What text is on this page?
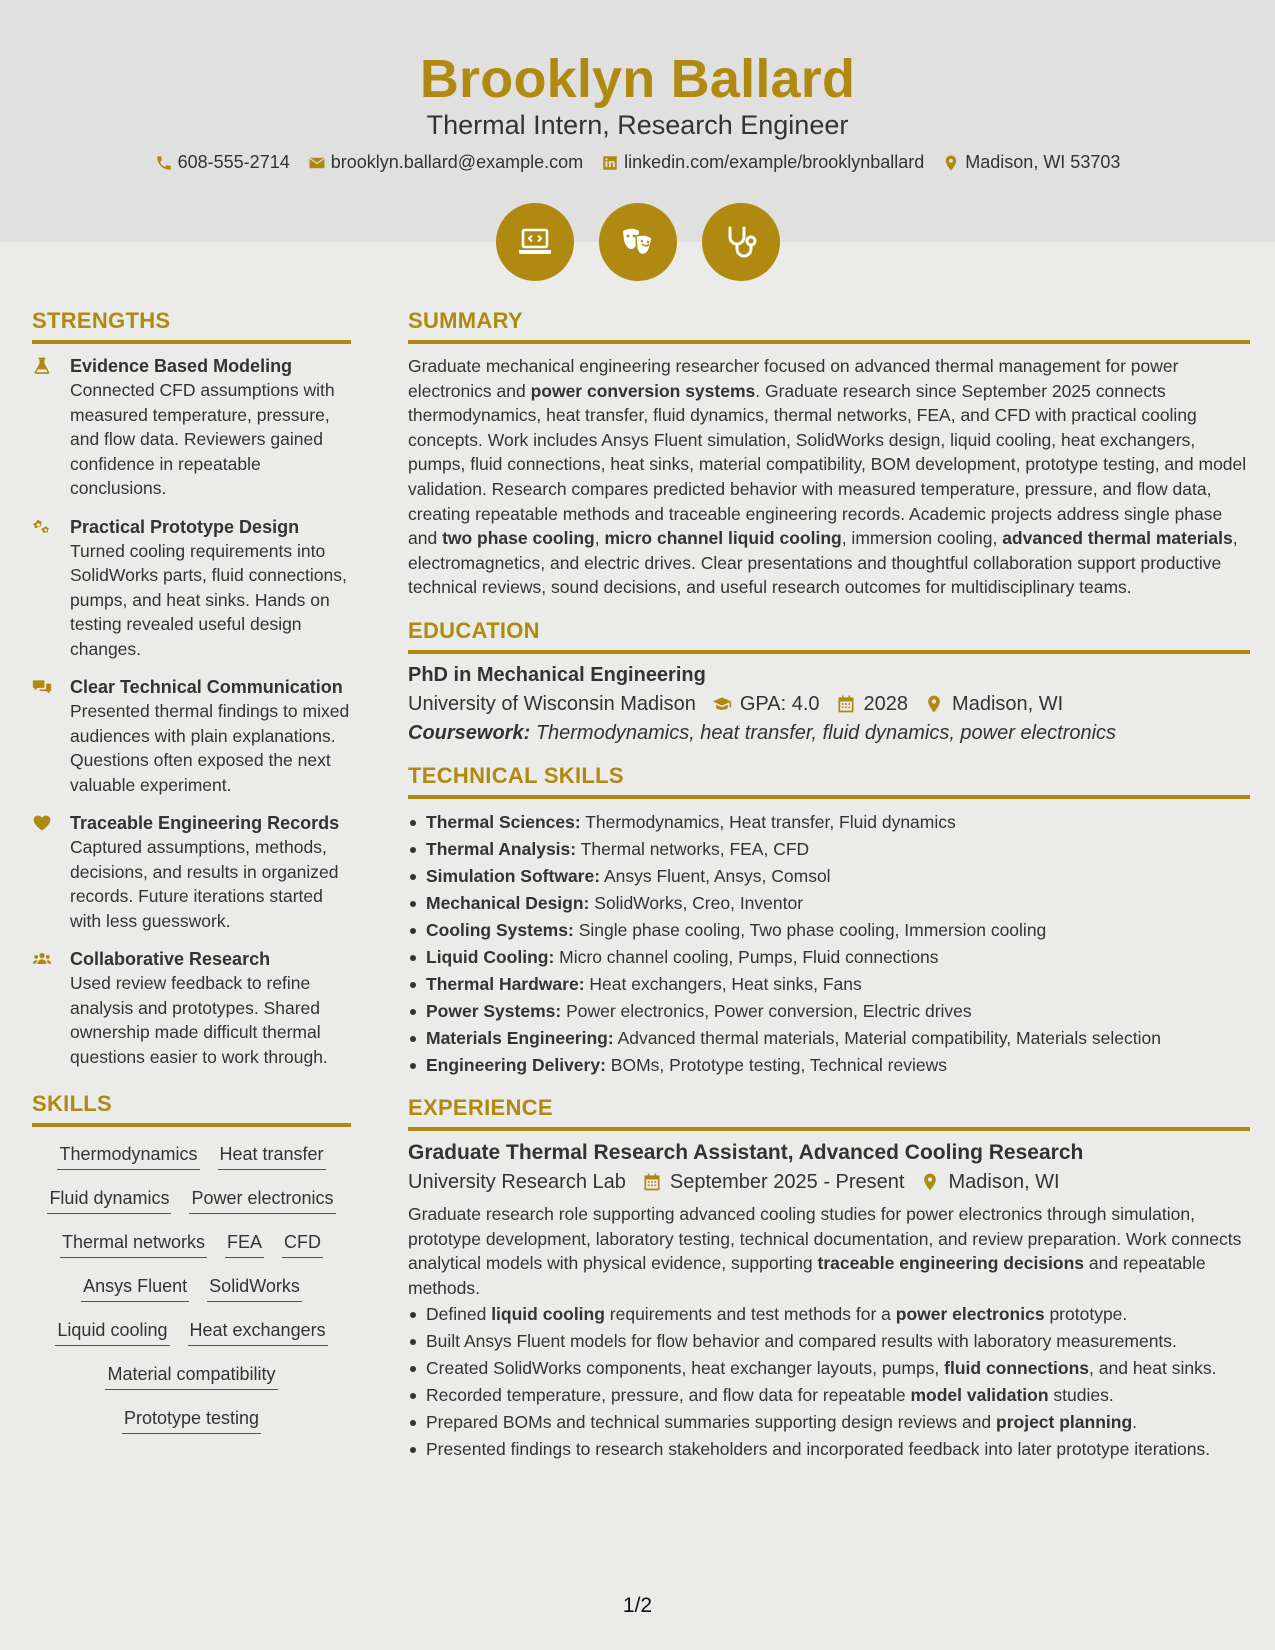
Brooklyn Ballard
Thermal Intern, Research Engineer
608-555-2714 brooklyn.ballard@example.com linkedin.com/example/brooklynballard Madison, WI 53703
STRENGTHS
Evidence Based Modeling
Connected CFD assumptions with measured temperature, pressure, and flow data. Reviewers gained confidence in repeatable conclusions.
Practical Prototype Design
Turned cooling requirements into SolidWorks parts, fluid connections, pumps, and heat sinks. Hands on testing revealed useful design changes.
Clear Technical Communication
Presented thermal findings to mixed audiences with plain explanations. Questions often exposed the next valuable experiment.
Traceable Engineering Records
Captured assumptions, methods, decisions, and results in organized records. Future iterations started with less guesswork.
Collaborative Research
Used review feedback to refine analysis and prototypes. Shared ownership made difficult thermal questions easier to work through.
SKILLS
Thermodynamics Heat transfer
Fluid dynamics Power electronics
Thermal networks FEA CFD
Ansys Fluent SolidWorks
Liquid cooling Heat exchangers
Material compatibility
Prototype testing
SUMMARY
Graduate mechanical engineering researcher focused on advanced thermal management for power electronics and power conversion systems. Graduate research since September 2025 connects thermodynamics, heat transfer, fluid dynamics, thermal networks, FEA, and CFD with practical cooling concepts. Work includes Ansys Fluent simulation, SolidWorks design, liquid cooling, heat exchangers, pumps, fluid connections, heat sinks, material compatibility, BOM development, prototype testing, and model validation. Research compares predicted behavior with measured temperature, pressure, and flow data, creating repeatable methods and traceable engineering records. Academic projects address single phase and two phase cooling, micro channel liquid cooling, immersion cooling, advanced thermal materials, electromagnetics, and electric drives. Clear presentations and thoughtful collaboration support productive technical reviews, sound decisions, and useful research outcomes for multidisciplinary teams.
EDUCATION
PhD in Mechanical Engineering
University of Wisconsin Madison GPA: 4.0 2028 Madison, WI
Coursework: Thermodynamics, heat transfer, fluid dynamics, power electronics
TECHNICAL SKILLS
Thermal Sciences: Thermodynamics, Heat transfer, Fluid dynamics
Thermal Analysis: Thermal networks, FEA, CFD
Simulation Software: Ansys Fluent, Ansys, Comsol
Mechanical Design: SolidWorks, Creo, Inventor
Cooling Systems: Single phase cooling, Two phase cooling, Immersion cooling
Liquid Cooling: Micro channel cooling, Pumps, Fluid connections
Thermal Hardware: Heat exchangers, Heat sinks, Fans
Power Systems: Power electronics, Power conversion, Electric drives
Materials Engineering: Advanced thermal materials, Material compatibility, Materials selection
Engineering Delivery: BOMs, Prototype testing, Technical reviews
EXPERIENCE
Graduate Thermal Research Assistant, Advanced Cooling Research
University Research Lab September 2025 - Present Madison, WI
Graduate research role supporting advanced cooling studies for power electronics through simulation, prototype development, laboratory testing, technical documentation, and review preparation. Work connects analytical models with physical evidence, supporting traceable engineering decisions and repeatable methods.
Defined liquid cooling requirements and test methods for a power electronics prototype.
Built Ansys Fluent models for flow behavior and compared results with laboratory measurements.
Created SolidWorks components, heat exchanger layouts, pumps, fluid connections, and heat sinks.
Recorded temperature, pressure, and flow data for repeatable model validation studies.
Prepared BOMs and technical summaries supporting design reviews and project planning.
Presented findings to research stakeholders and incorporated feedback into later prototype iterations.
1/2
